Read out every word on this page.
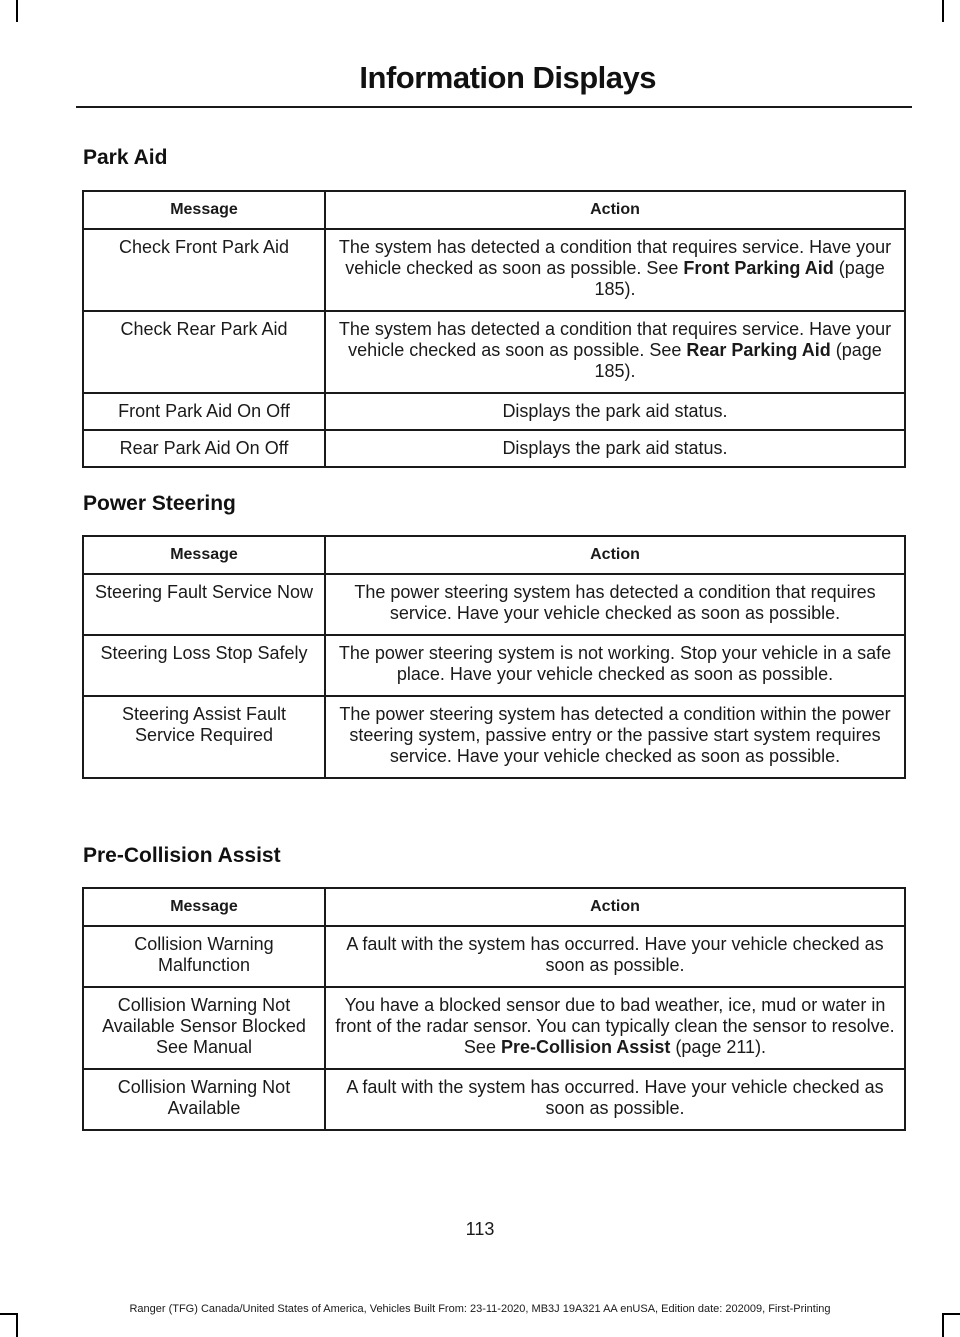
Information Displays
Park Aid
Message	Action
Check Front Park Aid	The system has detected a condition that requires service. Have your vehicle checked as soon as possible. See Front Parking Aid (page 185).
Check Rear Park Aid	The system has detected a condition that requires service. Have your vehicle checked as soon as possible. See Rear Parking Aid (page 185).
Front Park Aid On Off	Displays the park aid status.
Rear Park Aid On Off	Displays the park aid status.
Power Steering
Message	Action
Steering Fault Service Now	The power steering system has detected a condition that requires service. Have your vehicle checked as soon as possible.
Steering Loss Stop Safely	The power steering system is not working. Stop your vehicle in a safe place. Have your vehicle checked as soon as possible.
Steering Assist Fault Service Required	The power steering system has detected a condition within the power steering system, passive entry or the passive start system requires service. Have your vehicle checked as soon as possible.
Pre-Collision Assist
Message	Action
Collision Warning Malfunction	A fault with the system has occurred. Have your vehicle checked as soon as possible.
Collision Warning Not Available Sensor Blocked See Manual	You have a blocked sensor due to bad weather, ice, mud or water in front of the radar sensor. You can typically clean the sensor to resolve. See Pre-Collision Assist (page 211).
Collision Warning Not Available	A fault with the system has occurred. Have your vehicle checked as soon as possible.
113
Ranger (TFG) Canada/United States of America, Vehicles Built From: 23-11-2020, MB3J 19A321 AA enUSA, Edition date: 202009, First-Printing
